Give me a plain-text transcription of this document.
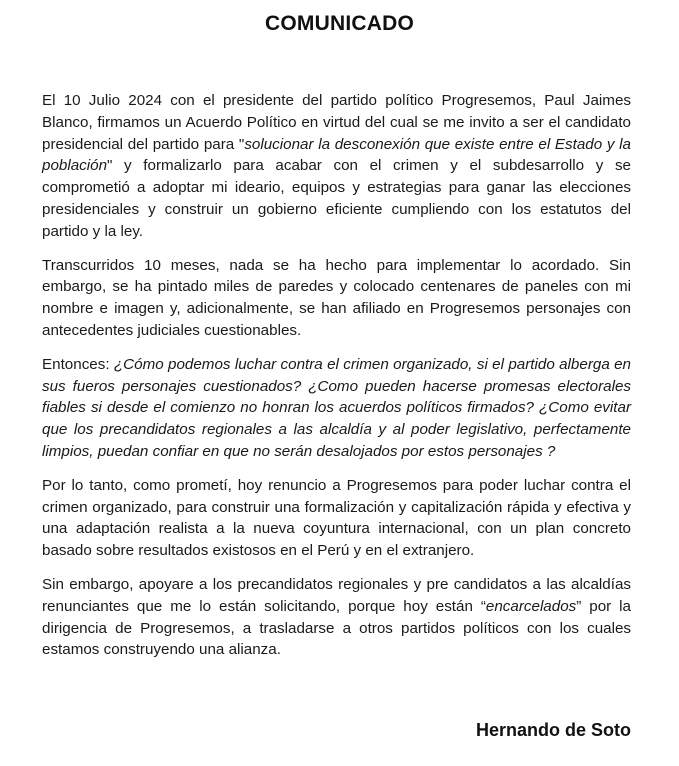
COMUNICADO

El 10 Julio 2024 con el presidente del partido político Progresemos, Paul Jaimes Blanco, firmamos un Acuerdo Político en virtud del cual se me invito a ser el candidato presidencial del partido para "solucionar la desconexión que existe entre el Estado y la población" y formalizarlo para acabar con el crimen y el subdesarrollo y se comprometió a adoptar mi ideario, equipos y estrategias para ganar las elecciones presidenciales y construir un gobierno eficiente cumpliendo con los estatutos del partido y la ley.

Transcurridos 10 meses, nada se ha hecho para implementar lo acordado. Sin embargo, se ha pintado miles de paredes y colocado centenares de paneles con mi nombre e imagen y, adicionalmente, se han afiliado en Progresemos personajes con antecedentes judiciales cuestionables.

Entonces: ¿Cómo podemos luchar contra el crimen organizado, si el partido alberga en sus fueros personajes cuestionados? ¿Como pueden hacerse promesas electorales fiables si desde el comienzo no honran los acuerdos políticos firmados? ¿Como evitar que los precandidatos regionales a las alcaldía y al poder legislativo, perfectamente limpios, puedan confiar en que no serán desalojados por estos personajes ?

Por lo tanto, como prometí, hoy renuncio a Progresemos para poder luchar contra el crimen organizado, para construir una formalización y capitalización rápida y efectiva y una adaptación realista a la nueva coyuntura internacional, con un plan concreto basado sobre resultados existosos en el Perú y en el extranjero.

Sin embargo, apoyare a los precandidatos regionales y pre candidatos a las alcaldías renunciantes que me lo están solicitando, porque hoy están “encarcelados” por la dirigencia de Progresemos, a trasladarse a otros partidos políticos con los cuales estamos construyendo una alianza.

Hernando de Soto
